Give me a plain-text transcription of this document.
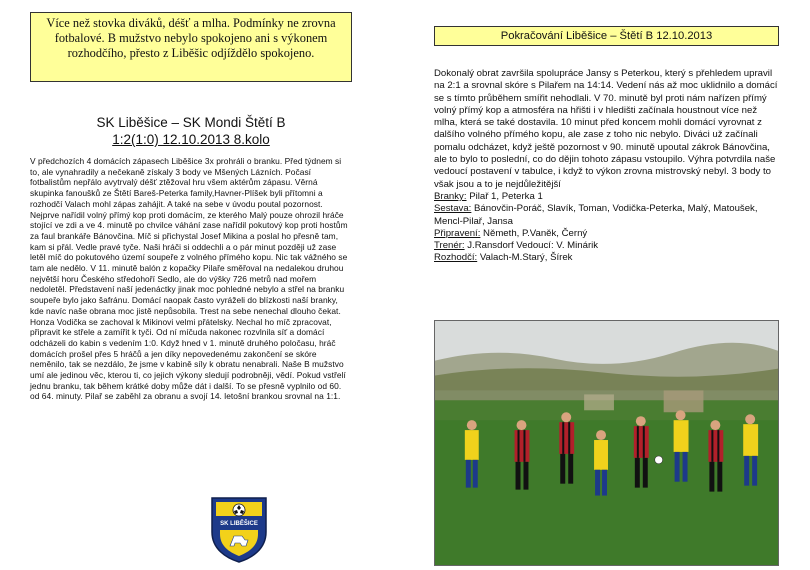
Více než stovka diváků, déšť a mlha. Podmínky ne zrovna fotbalové. B mužstvo nebylo spokojeno ani s výkonem rozhodčího, přesto z Liběšic odjíždělo spokojeno.
SK Liběšice – SK Mondi Štětí B
1:2(1:0) 12.10.2013 8.kolo
V předchozích 4 domácích zápasech Liběšice 3x prohráli o branku. Před týdnem si to, ale vynahradily a nečekaně získaly 3 body ve Mšených Lázních. Počasí fotbalistům nepřálo avytrvalý déšť ztěžoval hru všem aktérům zápasu. Věrná skupinka fanoušků ze Štětí Bareš-Peterka family,Havner-Plíšek byli přítomni a rozhodčí Valach mohl zápas zahájit. A také na sebe v úvodu poutal pozornost. Nejprve nařídil volný přímý kop proti domácím, ze kterého Malý pouze ohrozil hráče stojící ve zdi a ve 4. minutě po chvilce váhání zase nařídil pokutový kop proti hostům za faul brankáře Bánovčina. Míč si přichystal Josef Mikina a poslal ho přesně tam, kam si přál. Vedle pravé tyče. Naši hráči si oddechli a o pár minut později už zase letěl míč do pokutového území soupeře z volného přímého kopu. Nic tak vážného se tam ale nedělo. V 11. minutě balón z kopačky Pilaře směřoval na nedalekou druhou největší horu Českého středohoří Sedlo, ale do výšky 726 metrů nad mořem nedoletěl. Představení naší jedenáctky jinak moc pohledné nebylo a střel na branku soupeře bylo jako šafránu. Domácí naopak často vyráželi do blízkosti naší branky, kde navíc naše obrana moc jistě nepůsobila. Trest na sebe nenechal dlouho čekat. Honza Vodička se zachoval k Mikinovi velmi přátelsky. Nechal ho míč zpracovat, připravit ke střele a zamířit k tyči. Od ní míčuda nakonec rozvlnila síť a domácí odcházeli do kabin s vedením 1:0. Když hned v 1. minutě druhého poločasu, hráč domácích prošel přes 5 hráčů a jen díky nepovedenému zakončení se skóre neměnilo, tak se nezdálo, že jsme v kabině síly k obratu nenabrali. Naše B mužstvo umí ale jedinou věc, kterou ti, co jejich výkony sledují podrobněji, vědí. Pokud vstřelí jednu branku, tak během krátké doby může dát i další. To se přesně vyplnilo od 60. od 64. minuty. Pilař se zaběhl za obranu a svojí 14. letošní brankou srovnal na 1:1.
SK LIBĚŠICE
Pokračování Liběšice – Štětí B 12.10.2013

Dokonalý obrat završila spolupráce Jansy s Peterkou, který s přehledem upravil na 2:1 a srovnal skóre s Pilařem na 14:14. Vedení nás až moc uklidnilo a domácí se s tímto průběhem smířit nehodlali. V 70. minutě byl proti nám nařízen přímý volný přímý kop a atmosféra na hřišti i v hledišti začínala houstnout více než mlha, která se také dostavila. 10 minut před koncem mohli domácí vyrovnat z dalšího volného přímého kopu, ale zase z toho nic nebylo. Diváci už začínali pomalu odcházet, když ještě pozornost v 90. minutě upoutal zákrok Bánovčina, ale to bylo to poslední, co do dějin tohoto zápasu vstoupilo. Výhra potvrdila naše vedoucí postavení v tabulce, i když to výkon zrovna mistrovský nebyl. 3 body to však jsou a to je nejdůležitější

Branky: Pilař 1, Peterka 1

Sestava: Bánovčin-Poráč, Slavík, Toman, Vodička-Peterka, Malý, Matoušek, Mencl-Pilař, Jansa

Připravení: Němeth, P.Vaněk, Černý

Trenér: J.Ransdorf Vedoucí: V. Minárik

Rozhodčí: Valach-M.Starý, Šírek
